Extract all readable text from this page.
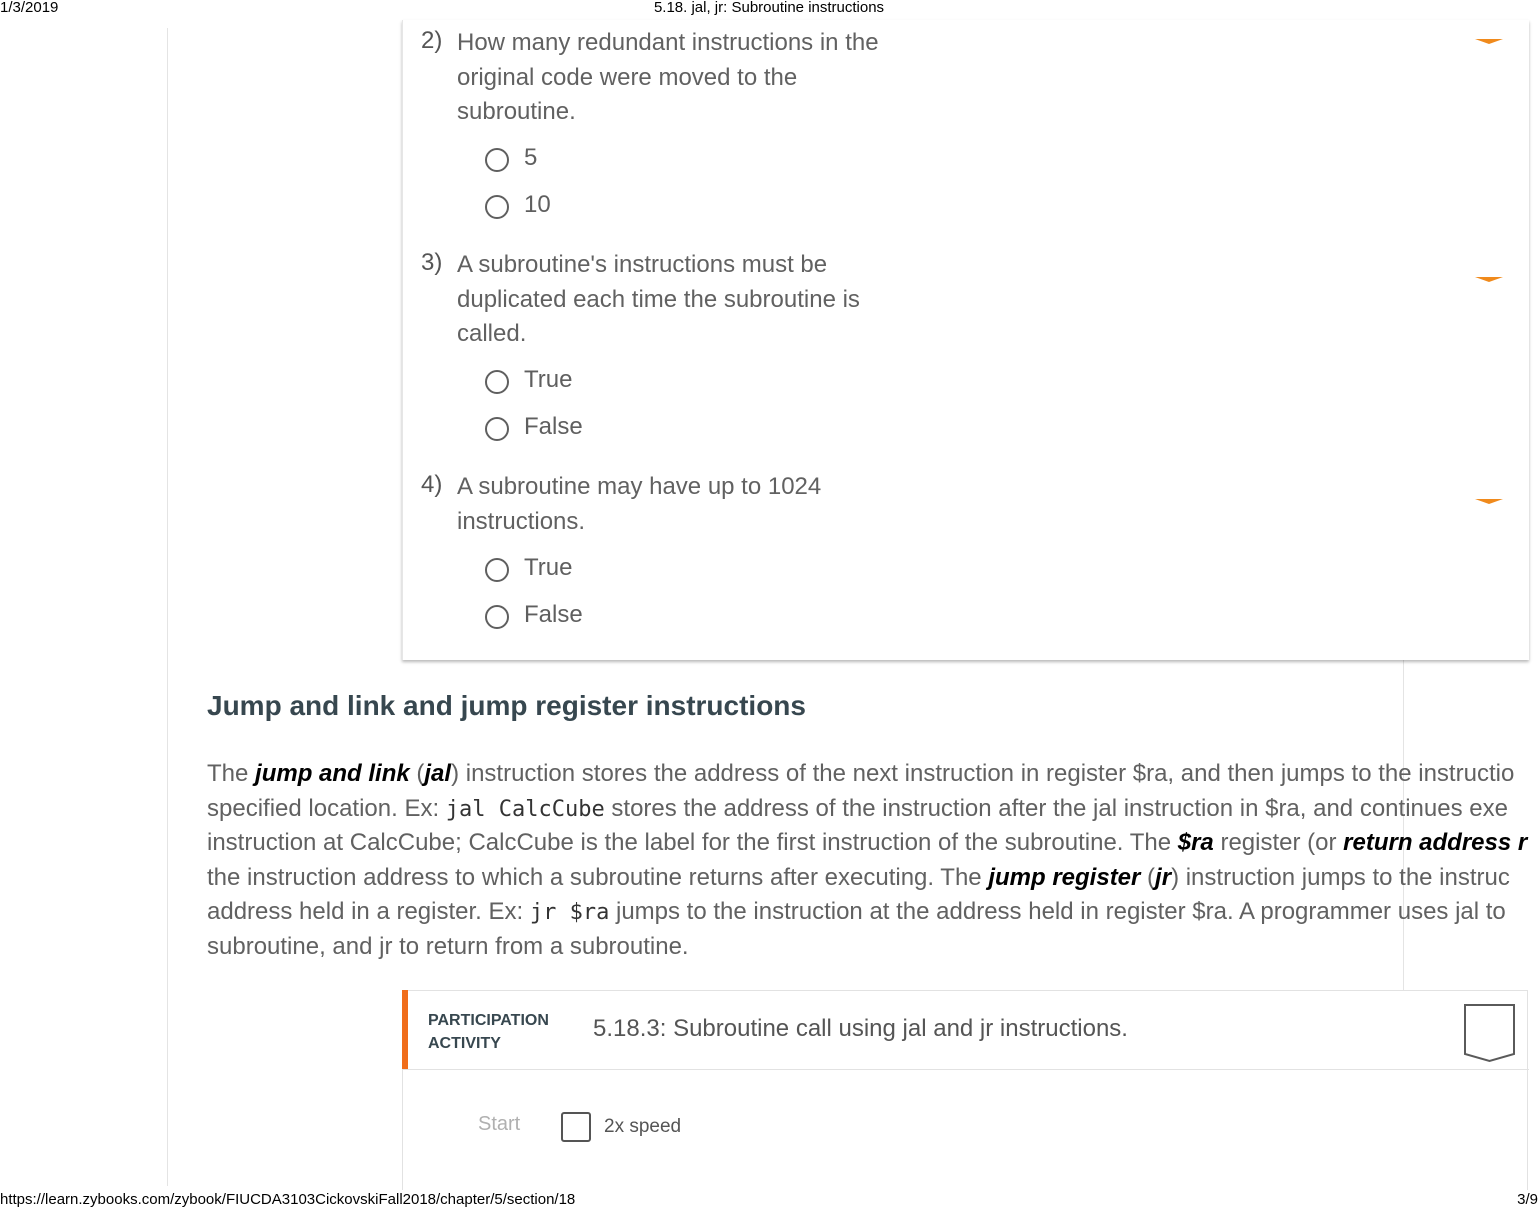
1/3/2019	5.18. jal, jr: Subroutine instructions
2) How many redundant instructions in the
original code were moved to the
subroutine.
5
10
3) A subroutine's instructions must be
duplicated each time the subroutine is
called.
True
False
4) A subroutine may have up to 1024
instructions.
True
False
Jump and link and jump register instructions
The jump and link (jal) instruction stores the address of the next instruction in register $ra, and then jumps to the instructio
specified location. Ex: jal CalcCube stores the address of the instruction after the jal instruction in $ra, and continues exe
instruction at CalcCube; CalcCube is the label for the first instruction of the subroutine. The $ra register (or return address r
the instruction address to which a subroutine returns after executing. The jump register (jr) instruction jumps to the instruc
address held in a register. Ex: jr $ra jumps to the instruction at the address held in register $ra. A programmer uses jal to
subroutine, and jr to return from a subroutine.
PARTICIPATION
ACTIVITY
5.18.3: Subroutine call using jal and jr instructions.
Start	2x speed
https://learn.zybooks.com/zybook/FIUCDA3103CickovskiFall2018/chapter/5/section/18	3/9
